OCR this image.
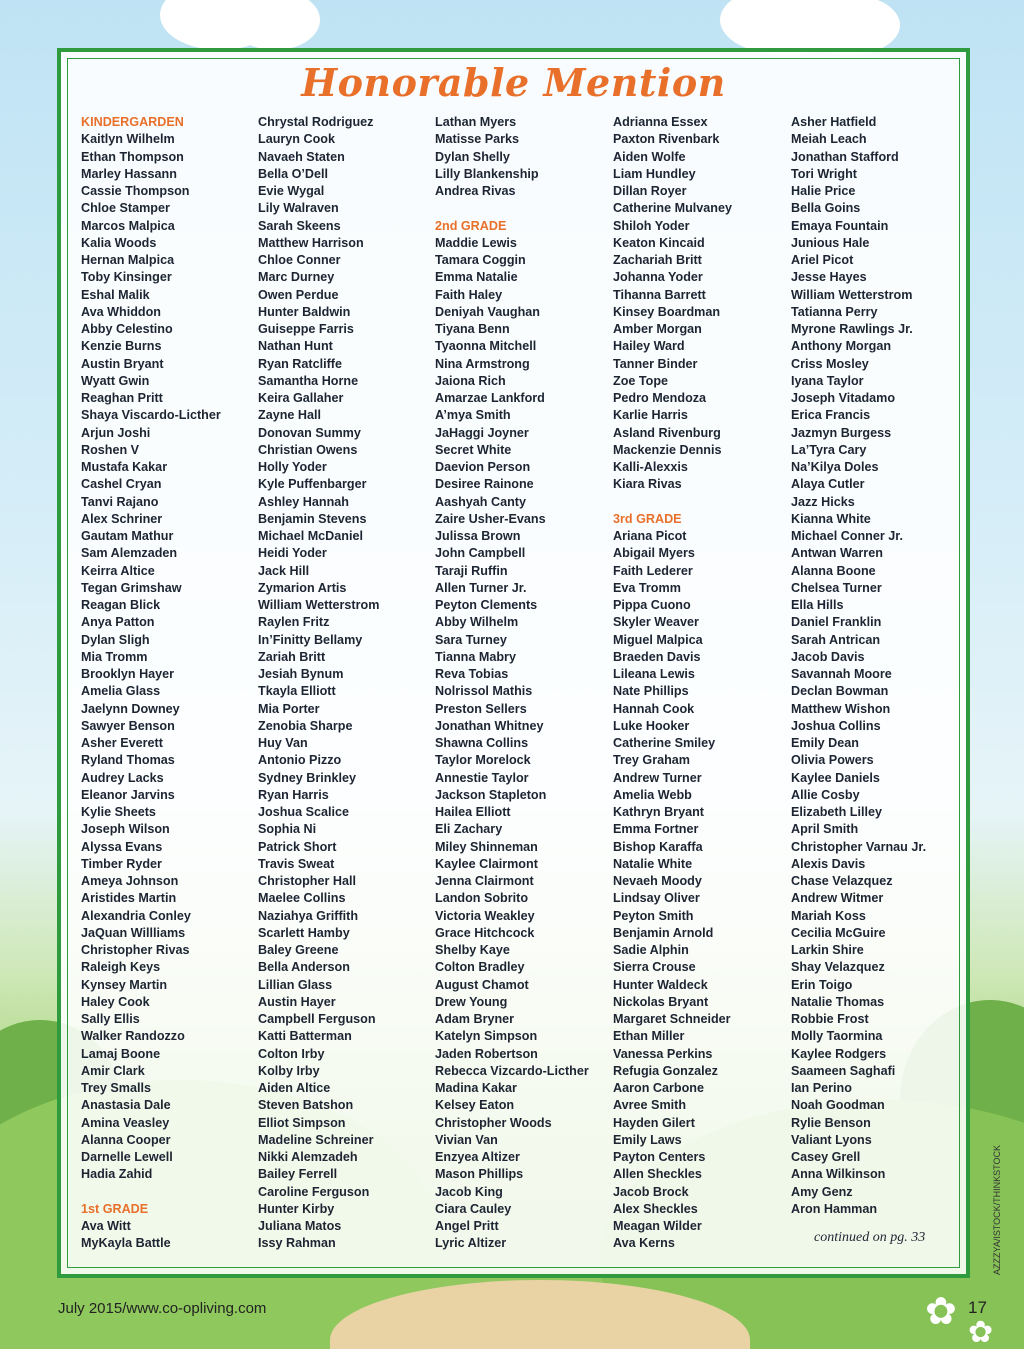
✿ ✿
Honorable Mention
KINDERGARDEN
Kaitlyn Wilhelm
Ethan Thompson
Marley Hassann
Cassie Thompson
Chloe Stamper
Marcos Malpica
Kalia Woods
Hernan Malpica
Toby Kinsinger
Eshal Malik
Ava Whiddon
Abby Celestino
Kenzie Burns
Austin Bryant
Wyatt Gwin
Reaghan Pritt
Shaya Viscardo-Licther
Arjun Joshi
Roshen V
Mustafa Kakar
Cashel Cryan
Tanvi Rajano
Alex Schriner
Gautam Mathur
Sam Alemzaden
Keirra Altice
Tegan Grimshaw
Reagan Blick
Anya Patton
Dylan Sligh
Mia Tromm
Brooklyn Hayer
Amelia Glass
Jaelynn Downey
Sawyer Benson
Asher Everett
Ryland Thomas
Audrey Lacks
Eleanor Jarvins
Kylie Sheets
Joseph Wilson
Alyssa Evans
Timber Ryder
Ameya Johnson
Aristides Martin
Alexandria Conley
JaQuan Willliams
Christopher Rivas
Raleigh Keys
Kynsey Martin
Haley Cook
Sally Ellis
Walker Randozzo
Lamaj Boone
Amir Clark
Trey Smalls
Anastasia Dale
Amina Veasley
Alanna Cooper
Darnelle Lewell
Hadia Zahid
1st GRADE
Ava Witt
MyKayla Battle
Chrystal Rodriguez
Lauryn Cook
Navaeh Staten
Bella O’Dell
Evie Wygal
Lily Walraven
Sarah Skeens
Matthew Harrison
Chloe Conner
Marc Durney
Owen Perdue
Hunter Baldwin
Guiseppe Farris
Nathan Hunt
Ryan Ratcliffe
Samantha Horne
Keira Gallaher
Zayne Hall
Donovan Summy
Christian Owens
Holly Yoder
Kyle Puffenbarger
Ashley Hannah
Benjamin Stevens
Michael McDaniel
Heidi Yoder
Jack Hill
Zymarion Artis
William Wetterstrom
Raylen Fritz
In’Finitty Bellamy
Zariah Britt
Jesiah Bynum
Tkayla Elliott
Mia Porter
Zenobia Sharpe
Huy Van
Antonio Pizzo
Sydney Brinkley
Ryan Harris
Joshua Scalice
Sophia Ni
Patrick Short
Travis Sweat
Christopher Hall
Maelee Collins
Naziahya Griffith
Scarlett Hamby
Baley Greene
Bella Anderson
Lillian Glass
Austin Hayer
Campbell Ferguson
Katti Batterman
Colton Irby
Kolby Irby
Aiden Altice
Steven Batshon
Elliot Simpson
Madeline Schreiner
Nikki Alemzadeh
Bailey Ferrell
Caroline Ferguson
Hunter Kirby
Juliana Matos
Issy Rahman
Lathan Myers
Matisse Parks
Dylan Shelly
Lilly Blankenship
Andrea Rivas
2nd GRADE
Maddie Lewis
Tamara Coggin
Emma Natalie
Faith Haley
Deniyah Vaughan
Tiyana Benn
Tyaonna Mitchell
Nina Armstrong
Jaiona Rich
Amarzae Lankford
A’mya Smith
JaHaggi Joyner
Secret White
Daevion Person
Desiree Rainone
Aashyah Canty
Zaire Usher-Evans
Julissa Brown
John Campbell
Taraji Ruffin
Allen Turner Jr.
Peyton Clements
Abby Wilhelm
Sara Turney
Tianna Mabry
Reva Tobias
Nolrissol Mathis
Preston Sellers
Jonathan Whitney
Shawna Collins
Taylor Morelock
Annestie Taylor
Jackson Stapleton
Hailea Elliott
Eli Zachary
Miley Shinneman
Kaylee Clairmont
Jenna Clairmont
Landon Sobrito
Victoria Weakley
Grace Hitchcock
Shelby Kaye
Colton Bradley
August Chamot
Drew Young
Adam Bryner
Katelyn Simpson
Jaden Robertson
Rebecca Vizcardo-Licther
Madina Kakar
Kelsey Eaton
Christopher Woods
Vivian Van
Enzyea Altizer
Mason Phillips
Jacob King
Ciara Cauley
Angel Pritt
Lyric Altizer
Adrianna Essex
Paxton Rivenbark
Aiden Wolfe
Liam Hundley
Dillan Royer
Catherine Mulvaney
Shiloh Yoder
Keaton Kincaid
Zachariah Britt
Johanna Yoder
Tihanna Barrett
Kinsey Boardman
Amber Morgan
Hailey Ward
Tanner Binder
Zoe Tope
Pedro Mendoza
Karlie Harris
Asland Rivenburg
Mackenzie Dennis
Kalli-Alexxis
Kiara Rivas
3rd GRADE
Ariana Picot
Abigail Myers
Faith Lederer
Eva Tromm
Pippa Cuono
Skyler Weaver
Miguel Malpica
Braeden Davis
Lileana Lewis
Nate Phillips
Hannah Cook
Luke Hooker
Catherine Smiley
Trey Graham
Andrew Turner
Amelia Webb
Kathryn Bryant
Emma Fortner
Bishop Karaffa
Natalie White
Nevaeh Moody
Lindsay Oliver
Peyton Smith
Benjamin Arnold
Sadie Alphin
Sierra Crouse
Hunter Waldeck
Nickolas Bryant
Margaret Schneider
Ethan Miller
Vanessa Perkins
Refugia Gonzalez
Aaron Carbone
Avree Smith
Hayden Gilert
Emily Laws
Payton Centers
Allen Sheckles
Jacob Brock
Alex Sheckles
Meagan Wilder
Ava Kerns
Asher Hatfield
Meiah Leach
Jonathan Stafford
Tori Wright
Halie Price
Bella Goins
Emaya Fountain
Junious Hale
Ariel Picot
Jesse Hayes
William Wetterstrom
Tatianna Perry
Myrone Rawlings Jr.
Anthony Morgan
Criss Mosley
Iyana Taylor
Joseph Vitadamo
Erica Francis
Jazmyn Burgess
La’Tyra Cary
Na’Kilya Doles
Alaya Cutler
Jazz Hicks
Kianna White
Michael Conner Jr.
Antwan Warren
Alanna Boone
Chelsea Turner
Ella Hills
Daniel Franklin
Sarah Antrican
Jacob Davis
Savannah Moore
Declan Bowman
Matthew Wishon
Joshua Collins
Emily Dean
Olivia Powers
Kaylee Daniels
Allie Cosby
Elizabeth Lilley
April Smith
Christopher Varnau Jr.
Alexis Davis
Chase Velazquez
Andrew Witmer
Mariah Koss
Cecilia McGuire
Larkin Shire
Shay Velazquez
Erin Toigo
Natalie Thomas
Robbie Frost
Molly Taormina
Kaylee Rodgers
Saameen Saghafi
Ian Perino
Noah Goodman
Rylie Benson
Valiant Lyons
Casey Grell
Anna Wilkinson
Amy Genz
Aron Hamman
continued on pg. 33
July 2015/www.co-opliving.com	17
AZZZYA/ISTOCK/THINKSTOCK
